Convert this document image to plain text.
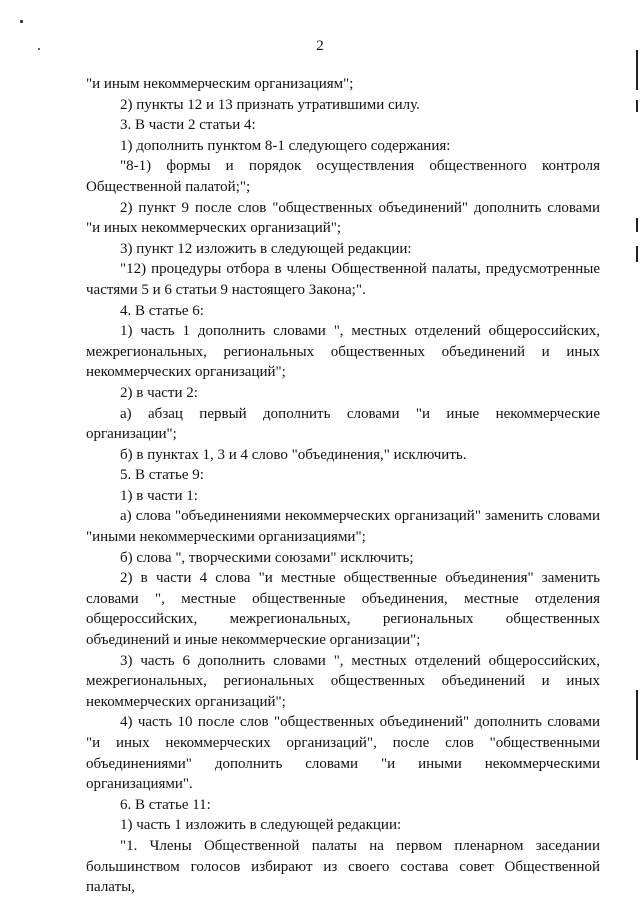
2

"и иным некоммерческим организациям";

2) пункты 12 и 13 признать утратившими силу.

3. В части 2 статьи 4:

1) дополнить пунктом 8-1 следующего содержания:

"8-1) формы и порядок осуществления общественного контроля Общественной палатой;";

2) пункт 9 после слов "общественных объединений" дополнить словами "и иных некоммерческих организаций";

3) пункт 12 изложить в следующей редакции:

"12) процедуры отбора в члены Общественной палаты, предусмотренные частями 5 и 6 статьи 9 настоящего Закона;".

4. В статье 6:

1) часть 1 дополнить словами ", местных отделений общероссийских, межрегиональных, региональных общественных объединений и иных некоммерческих организаций";

2) в части 2:

а) абзац первый дополнить словами "и иные некоммерческие организации";

б) в пунктах 1, 3 и 4 слово "объединения," исключить.

5. В статье 9:

1) в части 1:

а) слова "объединениями некоммерческих организаций" заменить словами "иными некоммерческими организациями";

б) слова ", творческими союзами" исключить;

2) в части 4 слова "и местные общественные объединения" заменить словами ", местные общественные объединения, местные отделения общероссийских, межрегиональных, региональных общественных объединений и иные некоммерческие организации";

3) часть 6 дополнить словами ", местных отделений общероссийских, межрегиональных, региональных общественных объединений и иных некоммерческих организаций";

4) часть 10 после слов "общественных объединений" дополнить словами "и иных некоммерческих организаций", после слов "общественными объединениями" дополнить словами "и иными некоммерческими организациями".

6. В статье 11:

1) часть 1 изложить в следующей редакции:

"1. Члены Общественной палаты на первом пленарном заседании большинством голосов избирают из своего состава совет Общественной палаты,
